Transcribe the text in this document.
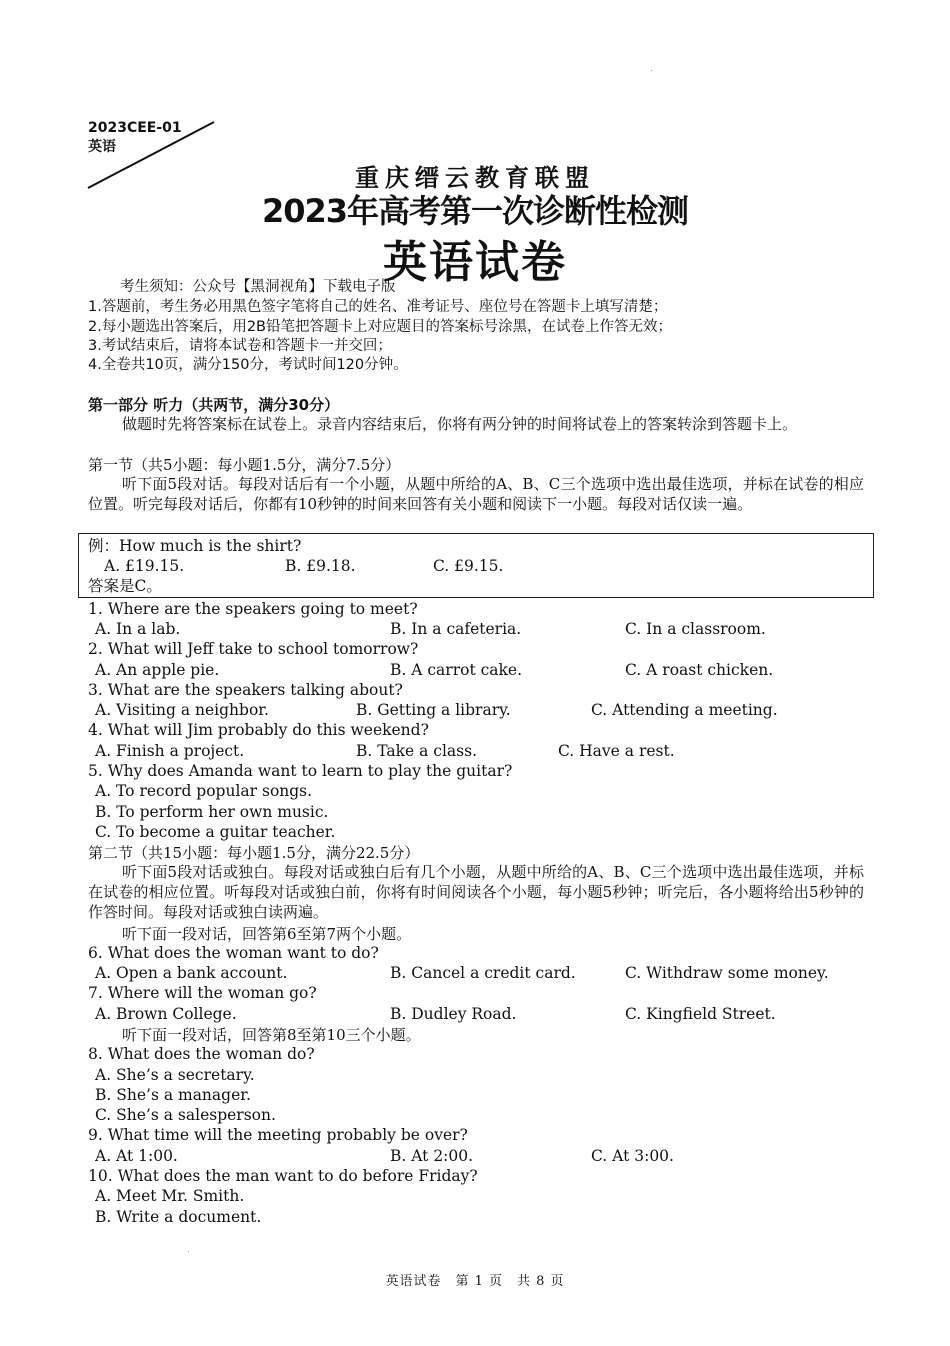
2023CEE-01
英语
重庆缙云教育联盟
2023年高考第一次诊断性检测
英语试卷
考生须知：公众号【黑洞视角】下载电子版
1.答题前，考生务必用黑色签字笔将自己的姓名、准考证号、座位号在答题卡上填写清楚；
2.每小题选出答案后，用2B铅笔把答题卡上对应题目的答案标号涂黑，在试卷上作答无效；
3.考试结束后，请将本试卷和答题卡一并交回；
4.全卷共10页，满分150分，考试时间120分钟。
第一部分 听力（共两节，满分30分）
做题时先将答案标在试卷上。录音内容结束后，你将有两分钟的时间将试卷上的答案转涂到答题卡上。
第一节（共5小题：每小题1.5分，满分7.5分）
听下面5段对话。每段对话后有一个小题，从题中所给的A、B、C三个选项中选出最佳选项，并标在试卷的相应位置。听完每段对话后，你都有10秒钟的时间来回答有关小题和阅读下一小题。每段对话仅读一遍。
例：How much is the shirt?
A. £19.15.	B. £9.18.	C. £9.15.
答案是C。
1. Where are the speakers going to meet?
A. In a lab.	B. In a cafeteria.	C. In a classroom.
2. What will Jeff take to school tomorrow?
A. An apple pie.	B. A carrot cake.	C. A roast chicken.
3. What are the speakers talking about?
A. Visiting a neighbor.	B. Getting a library.	C. Attending a meeting.
4. What will Jim probably do this weekend?
A. Finish a project.	B. Take a class.	C. Have a rest.
5. Why does Amanda want to learn to play the guitar?
A. To record popular songs.
B. To perform her own music.
C. To become a guitar teacher.
第二节（共15小题：每小题1.5分，满分22.5分）
听下面5段对话或独白。每段对话或独白后有几个小题，从题中所给的A、B、C三个选项中选出最佳选项，并标在试卷的相应位置。听每段对话或独白前，你将有时间阅读各个小题，每小题5秒钟；听完后，各小题将给出5秒钟的作答时间。每段对话或独白读两遍。
听下面一段对话，回答第6至第7两个小题。
6. What does the woman want to do?
A. Open a bank account.	B. Cancel a credit card.	C. Withdraw some money.
7. Where will the woman go?
A. Brown College.	B. Dudley Road.	C. Kingfield Street.
听下面一段对话，回答第8至第10三个小题。
8. What does the woman do?
A. She’s a secretary.
B. She’s a manager.
C. She’s a salesperson.
9. What time will the meeting probably be over?
A. At 1:00.	B. At 2:00.	C. At 3:00.
10. What does the man want to do before Friday?
A. Meet Mr. Smith.
B. Write a document.
英语试卷　第 1 页　共 8 页
